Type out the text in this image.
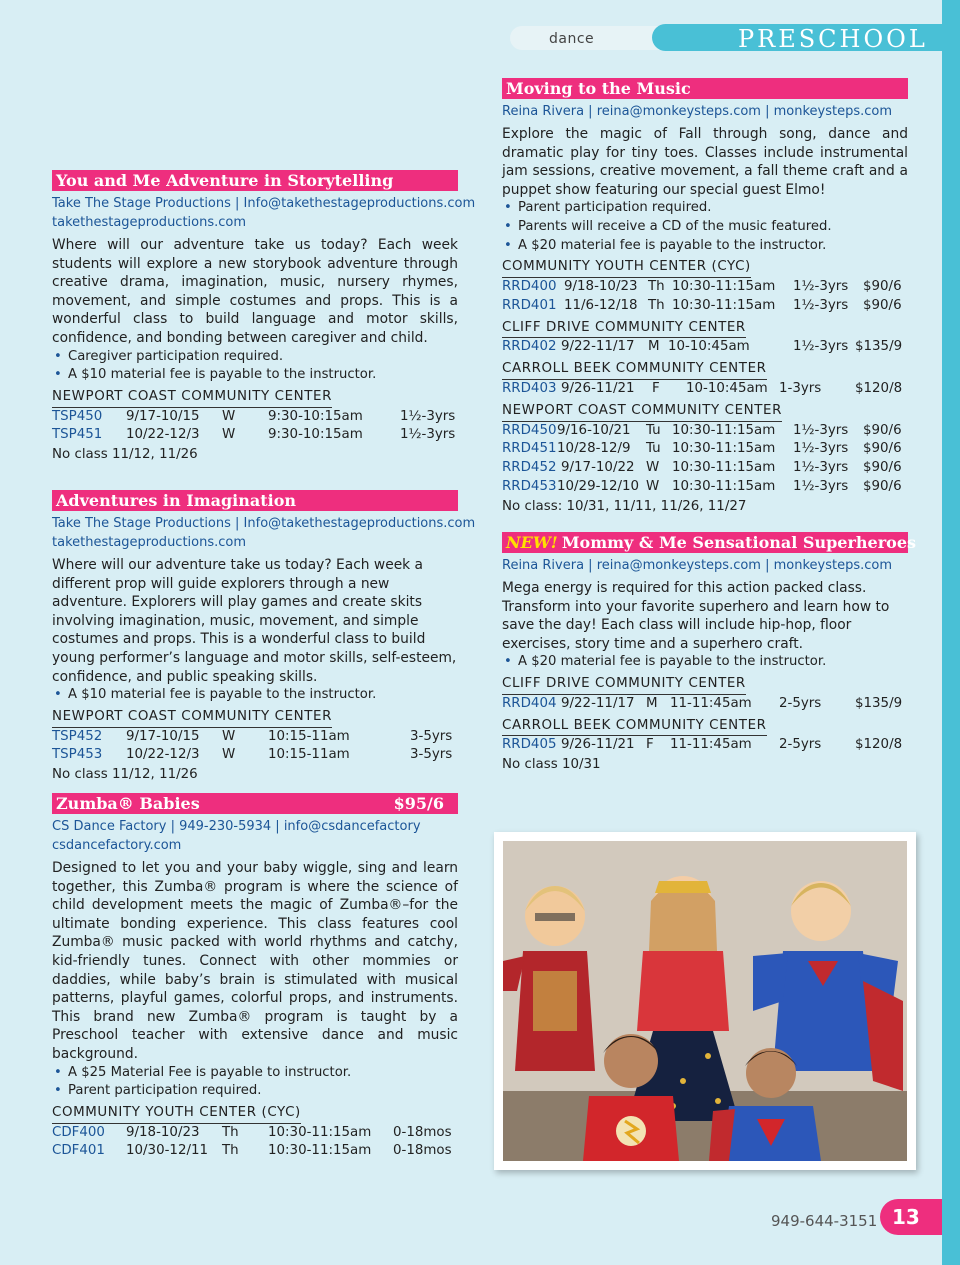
dance	PRESCHOOL
You and Me Adventure in Storytelling
Take The Stage Productions | Info@takethestageproductions.com
takethestageproductions.com
Where will our adventure take us today? Each week students will explore a new storybook adventure through creative drama, imagination, music, nursery rhymes, movement, and simple costumes and props. This is a wonderful class to build language and motor skills, confidence, and bonding between caregiver and child.
• Caregiver participation required.
• A $10 material fee is payable to the instructor.
NEWPORT COAST COMMUNITY CENTER
TSP450 9/17-10/15 W 9:30-10:15am	1½-3yrs
TSP451 10/22-12/3 W 9:30-10:15am	1½-3yrs
No class 11/12, 11/26
Adventures in Imagination
Take The Stage Productions | Info@takethestageproductions.com
takethestageproductions.com
Where will our adventure take us today? Each week a different prop will guide explorers through a new adventure. Explorers will play games and create skits involving imagination, music, movement, and simple costumes and props. This is a wonderful class to build young performer’s language and motor skills, self-esteem, confidence, and public speaking skills.
• A $10 material fee is payable to the instructor.
NEWPORT COAST COMMUNITY CENTER
TSP452 9/17-10/15 W 10:15-11am	3-5yrs
TSP453 10/22-12/3 W 10:15-11am	3-5yrs
No class 11/12, 11/26
Zumba® Babies	$95/6
CS Dance Factory | 949-230-5934 | info@csdancefactory
csdancefactory.com
Designed to let you and your baby wiggle, sing and learn together, this Zumba® program is where the science of child development meets the magic of Zumba®–for the ultimate bonding experience. This class features cool Zumba® music packed with world rhythms and catchy, kid-friendly tunes. Connect with other mommies or daddies, while baby’s brain is stimulated with musical patterns, playful games, colorful props, and instruments. This brand new Zumba® program is taught by a Preschool teacher with extensive dance and music background.
• A $25 Material Fee is payable to instructor.
• Parent participation required.
COMMUNITY YOUTH CENTER (CYC)
CDF400 9/18-10/23 Th 10:30-11:15am 0-18mos
CDF401 10/30-12/11 Th 10:30-11:15am 0-18mos
Moving to the Music
Reina Rivera | reina@monkeysteps.com | monkeysteps.com
Explore the magic of Fall through song, dance and dramatic play for tiny toes. Classes include instrumental jam sessions, creative movement, a fall theme craft and a puppet show featuring our special guest Elmo!
• Parent participation required.
• Parents will receive a CD of the music featured.
• A $20 material fee is payable to the instructor.
COMMUNITY YOUTH CENTER (CYC)
RRD400 9/18-10/23 Th 10:30-11:15am 1½-3yrs $90/6
RRD401 11/6-12/18 Th 10:30-11:15am 1½-3yrs $90/6
CLIFF DRIVE COMMUNITY CENTER
RRD402 9/22-11/17 M 10-10:45am	1½-3yrs $135/9
CARROLL BEEK COMMUNITY CENTER
RRD403 9/26-11/21 F 10-10:45am 1-3yrs	$120/8
NEWPORT COAST COMMUNITY CENTER
RRD450 9/16-10/21 Tu 10:30-11:15am 1½-3yrs $90/6
RRD451 10/28-12/9 Tu 10:30-11:15am 1½-3yrs $90/6
RRD452 9/17-10/22 W 10:30-11:15am 1½-3yrs $90/6
RRD453 10/29-12/10 W 10:30-11:15am 1½-3yrs $90/6
No class: 10/31, 11/11, 11/26, 11/27
NEW! Mommy & Me Sensational Superheroes
Reina Rivera | reina@monkeysteps.com | monkeysteps.com
Mega energy is required for this action packed class. Transform into your favorite superhero and learn how to save the day! Each class will include hip-hop, floor exercises, story time and a superhero craft.
• A $20 material fee is payable to the instructor.
CLIFF DRIVE COMMUNITY CENTER
RRD404 9/22-11/17 M 11-11:45am 2-5yrs	$135/9
CARROLL BEEK COMMUNITY CENTER
RRD405 9/26-11/21 F 11-11:45am 2-5yrs	$120/8
No class 10/31
949-644-3151 13
